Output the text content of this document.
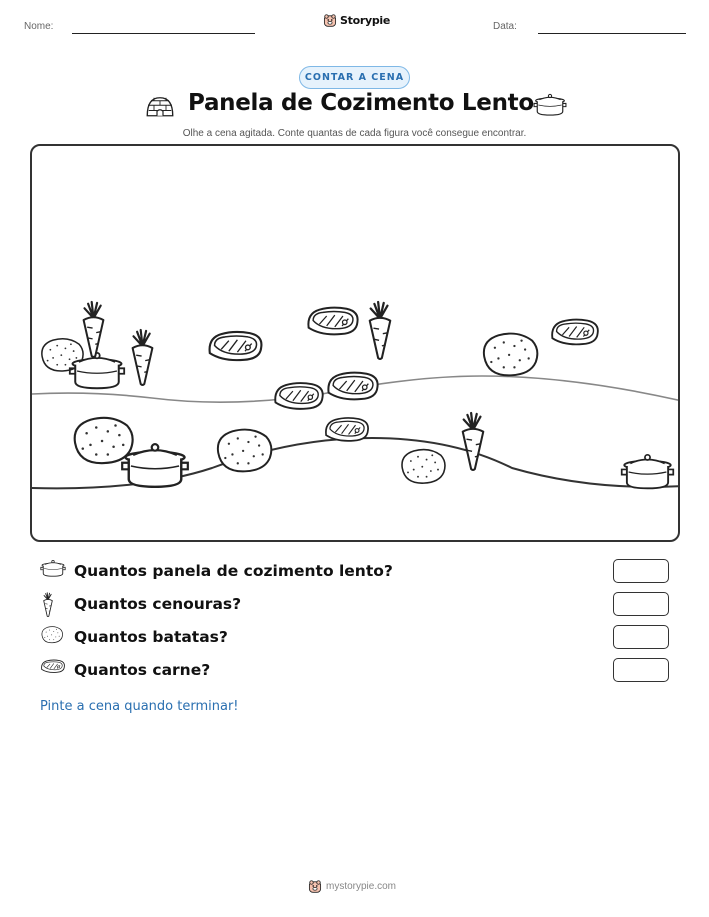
Nome:	Storypie	Data:
CONTAR A CENA
Panela de Cozimento Lento
Olhe a cena agitada. Conte quantas de cada figura você consegue encontrar.
Quantos panela de cozimento lento?
Quantos cenouras?
Quantos batatas?
Quantos carne?
Pinte a cena quando terminar!
mystorypie.com
